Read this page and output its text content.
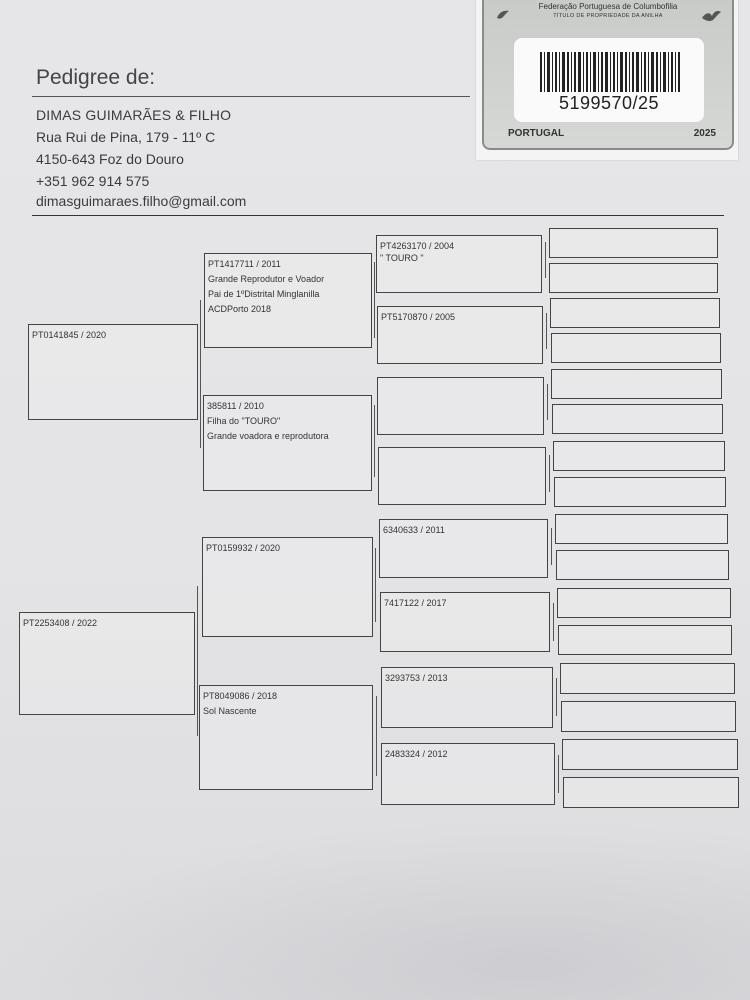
Pedigree de:
DIMAS GUIMARÃES & FILHO
Rua Rui de Pina, 179 - 11º C
4150-643 Foz do Douro
+351 962 914 575
dimasguimaraes.filho@gmail.com
Federação Portuguesa de Columbofilia
TÍTULO DE PROPRIEDADE DA ANILHA
5199570/25
PORTUGAL	2025
PT0141845 / 2020
PT2253408 / 2022
PT1417711 / 2011
Grande Reprodutor e Voador
Pai de 1ºDistrital Minglanilla
ACDPorto 2018
385811 / 2010
Filha do "TOURO"
Grande voadora e reprodutora
PT0159932 / 2020
PT8049086 / 2018
Sol Nascente
PT4263170 / 2004
" TOURO "
PT5170870 / 2005
6340633 / 2011
7417122 / 2017
3293753 / 2013
2483324 / 2012
